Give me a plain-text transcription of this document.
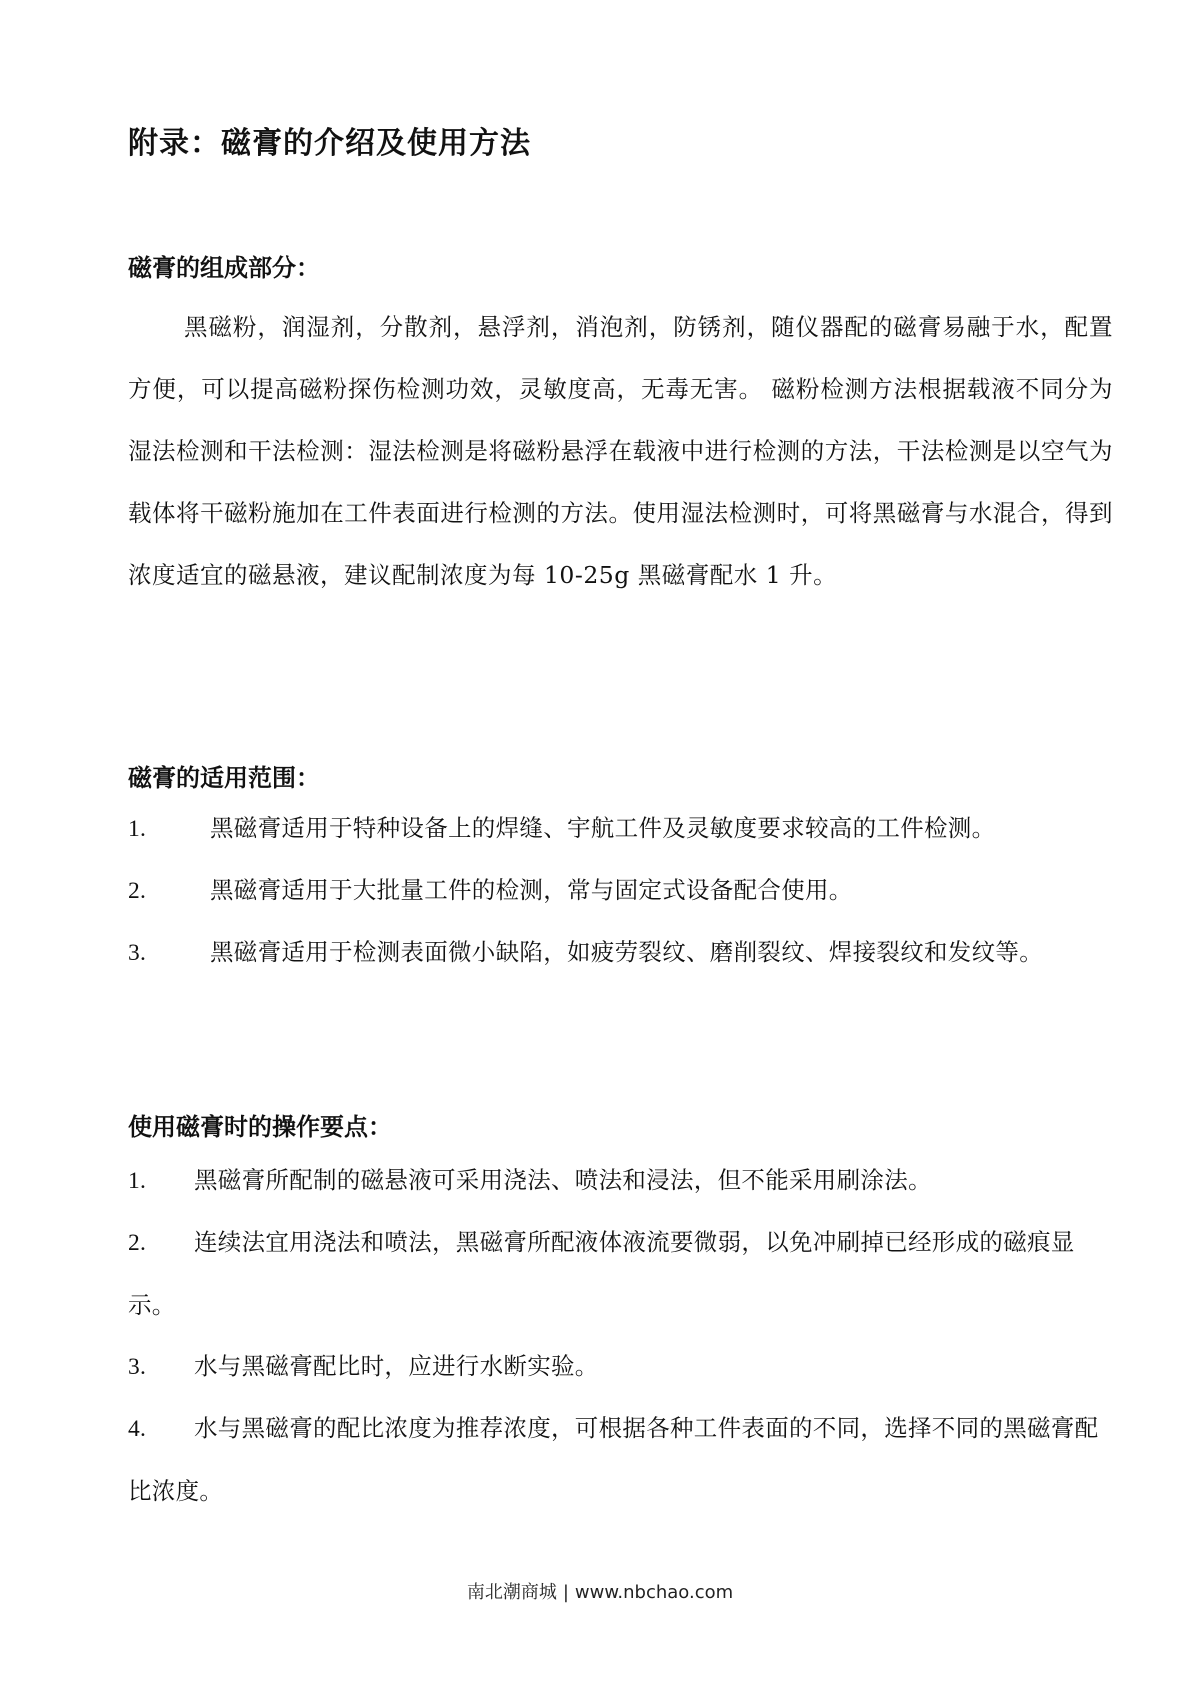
附录：磁膏的介绍及使用方法
磁膏的组成部分：
黑磁粉，润湿剂，分散剂，悬浮剂，消泡剂，防锈剂，随仪器配的磁膏易融于水，配置方便，可以提高磁粉探伤检测功效，灵敏度高，无毒无害。 磁粉检测方法根据载液不同分为湿法检测和干法检测：湿法检测是将磁粉悬浮在载液中进行检测的方法，干法检测是以空气为载体将干磁粉施加在工件表面进行检测的方法。使用湿法检测时，可将黑磁膏与水混合，得到浓度适宜的磁悬液，建议配制浓度为每 10-25g 黑磁膏配水 1 升。
磁膏的适用范围：
1.	黑磁膏适用于特种设备上的焊缝、宇航工件及灵敏度要求较高的工件检测。
2.	黑磁膏适用于大批量工件的检测，常与固定式设备配合使用。
3.	黑磁膏适用于检测表面微小缺陷，如疲劳裂纹、磨削裂纹、焊接裂纹和发纹等。
使用磁膏时的操作要点：
1. 黑磁膏所配制的磁悬液可采用浇法、喷法和浸法，但不能采用刷涂法。
2. 连续法宜用浇法和喷法，黑磁膏所配液体液流要微弱，以免冲刷掉已经形成的磁痕显示。
3. 水与黑磁膏配比时，应进行水断实验。
4. 水与黑磁膏的配比浓度为推荐浓度，可根据各种工件表面的不同，选择不同的黑磁膏配比浓度。
南北潮商城 | www.nbchao.com
